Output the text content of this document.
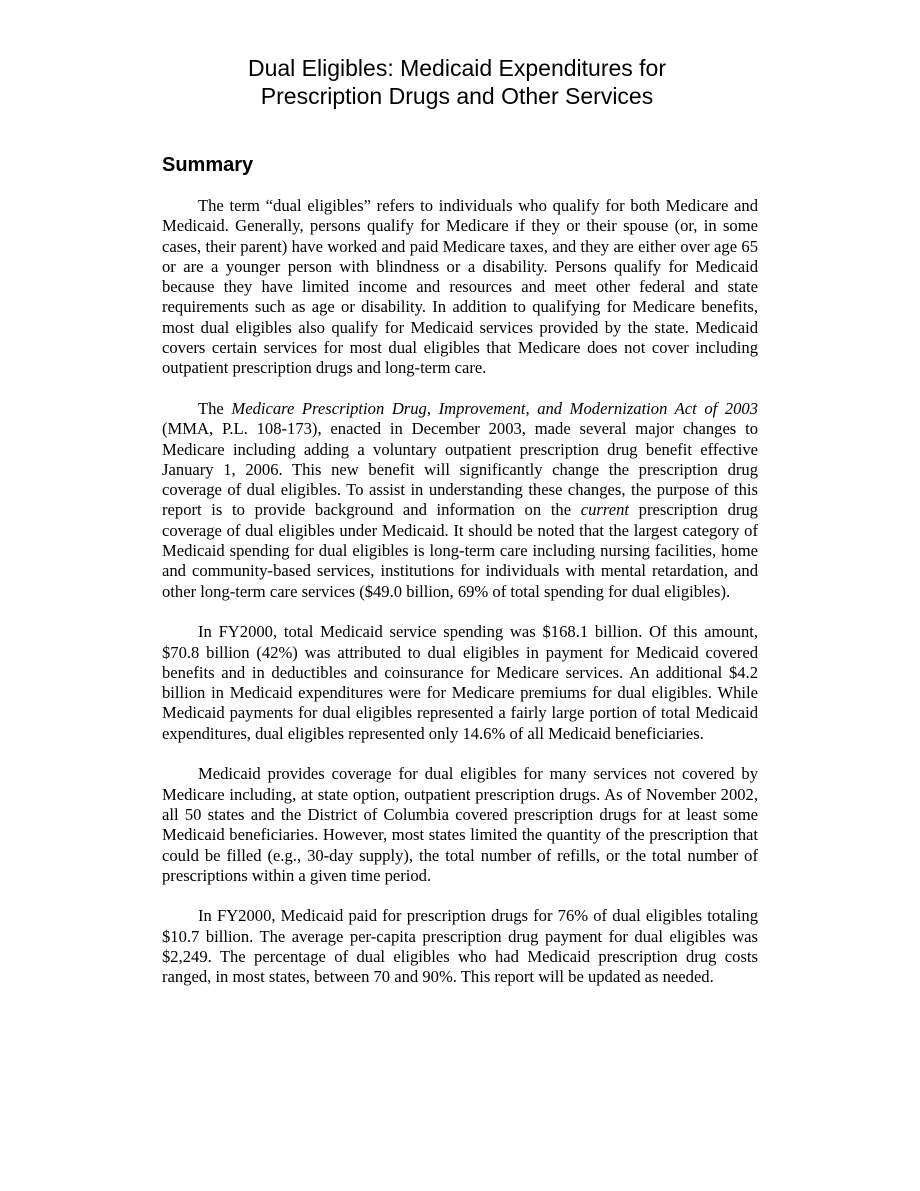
Dual Eligibles: Medicaid Expenditures for
Prescription Drugs and Other Services
Summary

The term “dual eligibles” refers to individuals who qualify for both Medicare and Medicaid. Generally, persons qualify for Medicare if they or their spouse (or, in some cases, their parent) have worked and paid Medicare taxes, and they are either over age 65 or are a younger person with blindness or a disability. Persons qualify for Medicaid because they have limited income and resources and meet other federal and state requirements such as age or disability. In addition to qualifying for Medicare benefits, most dual eligibles also qualify for Medicaid services provided by the state. Medicaid covers certain services for most dual eligibles that Medicare does not cover including outpatient prescription drugs and long-term care.

The Medicare Prescription Drug, Improvement, and Modernization Act of 2003 (MMA, P.L. 108-173), enacted in December 2003, made several major changes to Medicare including adding a voluntary outpatient prescription drug benefit effective January 1, 2006. This new benefit will significantly change the prescription drug coverage of dual eligibles. To assist in understanding these changes, the purpose of this report is to provide background and information on the current prescription drug coverage of dual eligibles under Medicaid. It should be noted that the largest category of Medicaid spending for dual eligibles is long-term care including nursing facilities, home and community-based services, institutions for individuals with mental retardation, and other long-term care services ($49.0 billion, 69% of total spending for dual eligibles).

In FY2000, total Medicaid service spending was $168.1 billion. Of this amount, $70.8 billion (42%) was attributed to dual eligibles in payment for Medicaid covered benefits and in deductibles and coinsurance for Medicare services. An additional $4.2 billion in Medicaid expenditures were for Medicare premiums for dual eligibles. While Medicaid payments for dual eligibles represented a fairly large portion of total Medicaid expenditures, dual eligibles represented only 14.6% of all Medicaid beneficiaries.

Medicaid provides coverage for dual eligibles for many services not covered by Medicare including, at state option, outpatient prescription drugs. As of November 2002, all 50 states and the District of Columbia covered prescription drugs for at least some Medicaid beneficiaries. However, most states limited the quantity of the prescription that could be filled (e.g., 30-day supply), the total number of refills, or the total number of prescriptions within a given time period.

In FY2000, Medicaid paid for prescription drugs for 76% of dual eligibles totaling $10.7 billion. The average per-capita prescription drug payment for dual eligibles was $2,249. The percentage of dual eligibles who had Medicaid prescription drug costs ranged, in most states, between 70 and 90%. This report will be updated as needed.
